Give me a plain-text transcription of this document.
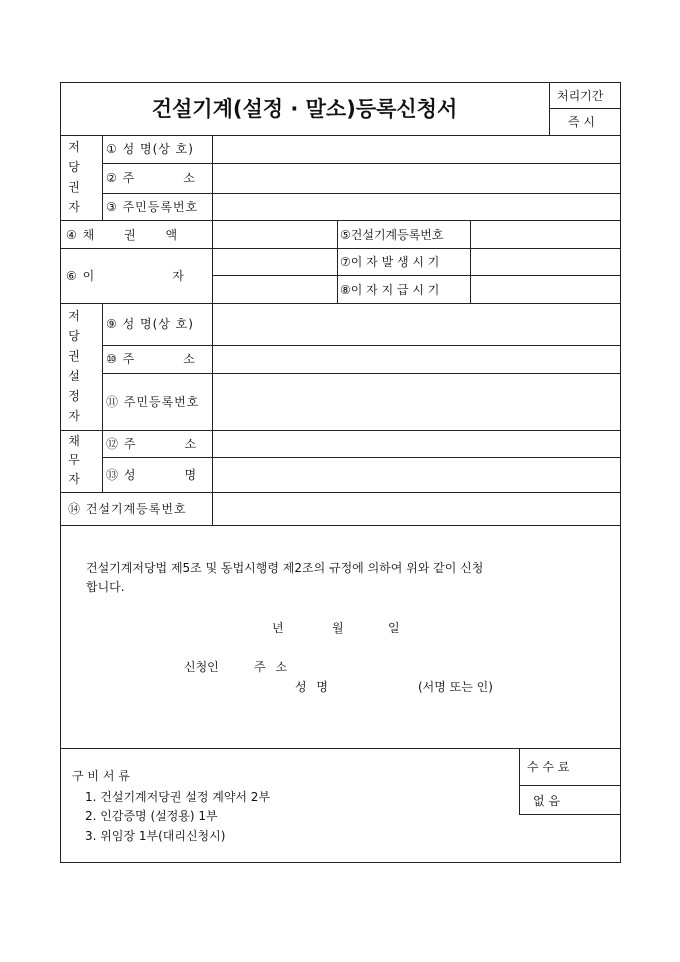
건설기계(설정 · 말소)등록신청서
처리기간
즉 시
저당권자
① 성 명(상 호)
② 주          소
③ 주민등록번호
④ 채      권      액	⑤건설기계등록번호
⑥ 이                자
⑦이 자 발 생 시 기
⑧이 자 지 급 시 기
저당권설정자
⑨ 성 명(상 호)
⑩ 주          소
⑪ 주민등록번호
채무자
⑫ 주          소
⑬ 성          명
⑭ 건설기계등록번호
건설기계저당법 제5조 및 동법시행령 제2조의 규정에 의하여 위와 같이 신청
합니다.
년	월	일
신청인	주 소
성 명	(서명 또는 인)
구 비 서 류
1. 건설기계저당권 설정 계약서 2부
2. 인감증명 (설정용) 1부
3. 위임장 1부(대리신청시)
수 수 료
없 음
